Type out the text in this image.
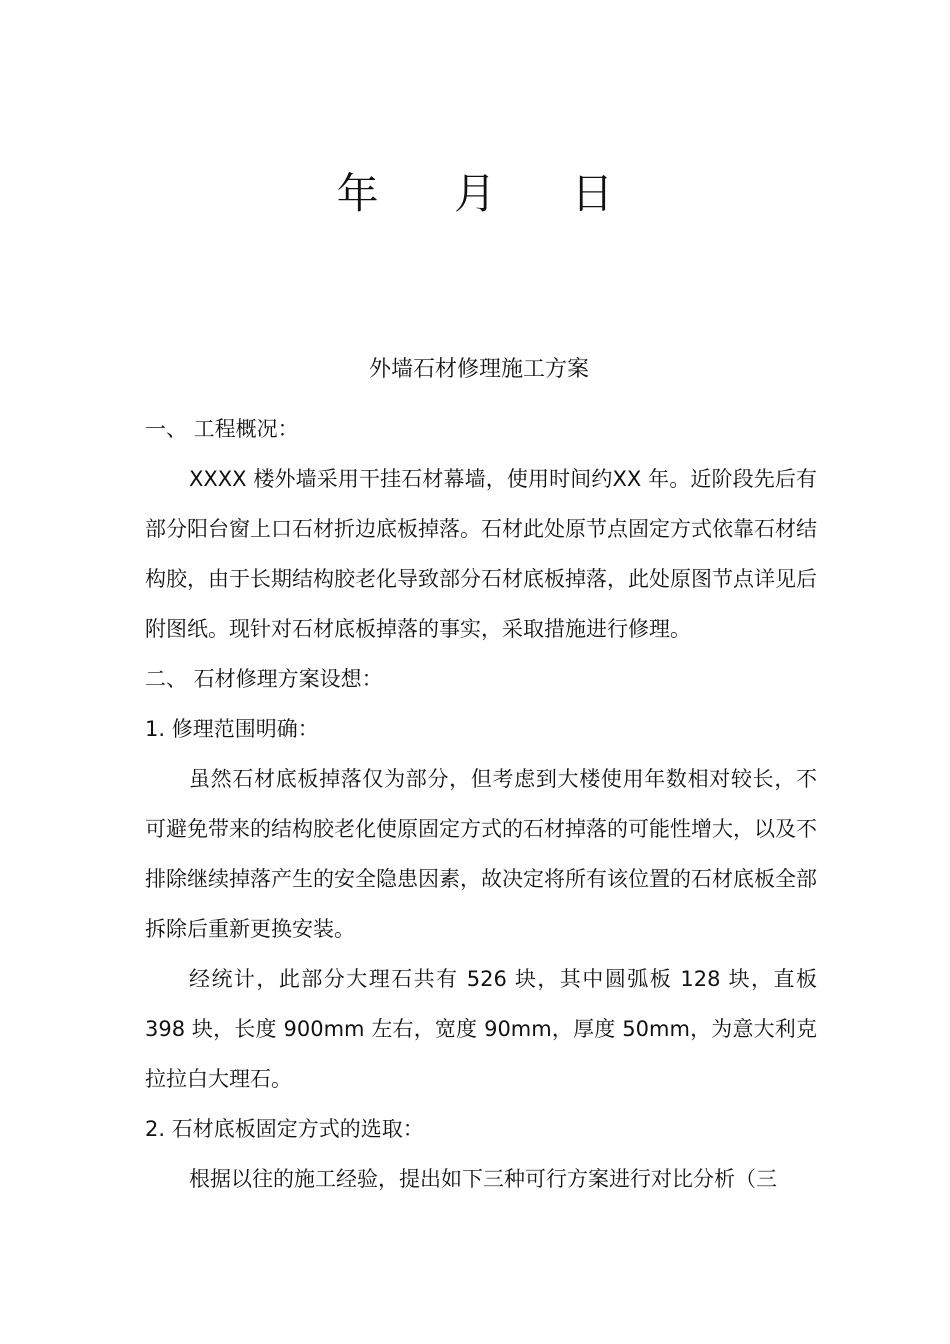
年 月 日
外墙石材修理施工方案

一、 工程概况：

XXXX 楼外墙采用干挂石材幕墙，使用时间约XX 年。近阶段先后有部分阳台窗上口石材折边底板掉落。石材此处原节点固定方式依靠石材结构胶，由于长期结构胶老化导致部分石材底板掉落，此处原图节点详见后附图纸。现针对石材底板掉落的事实，采取措施进行修理。

二、 石材修理方案设想：

1. 修理范围明确：

虽然石材底板掉落仅为部分，但考虑到大楼使用年数相对较长，不可避免带来的结构胶老化使原固定方式的石材掉落的可能性增大，以及不排除继续掉落产生的安全隐患因素，故决定将所有该位置的石材底板全部拆除后重新更换安装。

经统计，此部分大理石共有 526 块，其中圆弧板 128 块，直板 398 块，长度 900mm 左右，宽度 90mm，厚度 50mm，为意大利克拉拉白大理石。

2. 石材底板固定方式的选取：

根据以往的施工经验，提出如下三种可行方案进行对比分析（三
